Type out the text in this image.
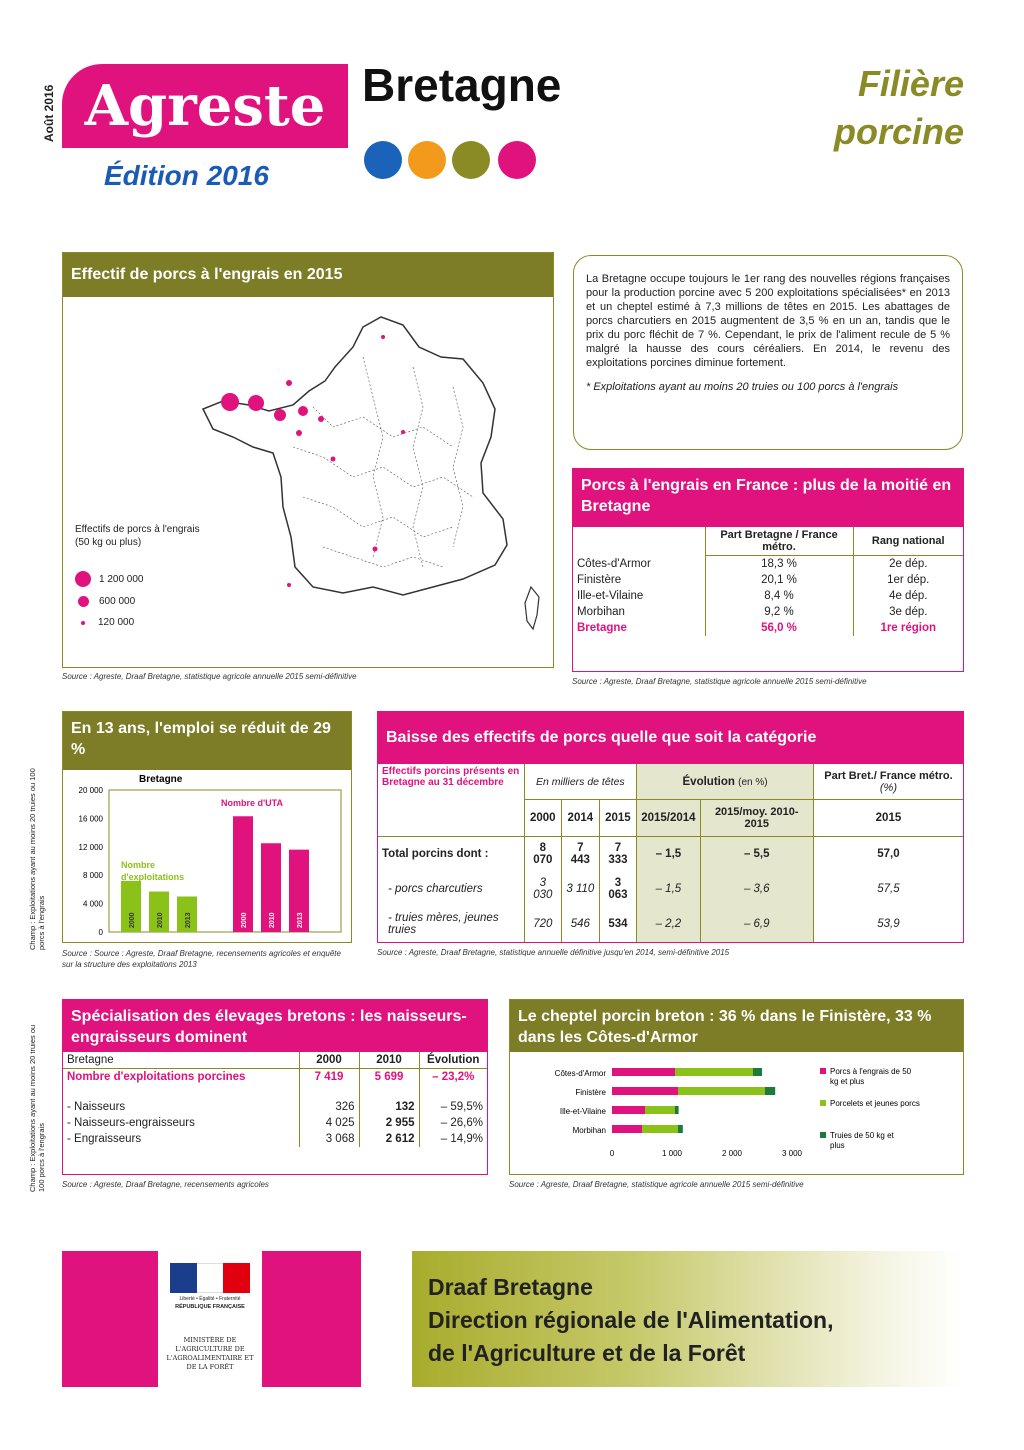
Août 2016 Agreste
Édition 2016
Bretagne	Filière
porcine
Effectif de porcs à l'engrais en 2015
Effectifs de porcs à l'engrais (50 kg ou plus)
1 200 000
600 000
120 000
Source : Agreste, Draaf Bretagne, statistique agricole annuelle 2015 semi-définitive

La Bretagne occupe toujours le 1er rang des nouvelles régions françaises pour la production porcine avec 5 200 exploitations spécialisées* en 2013 et un cheptel estimé à 7,3 millions de têtes en 2015. Les abattages de porcs charcutiers en 2015 augmentent de 3,5 % en un an, tandis que le prix du porc fléchit de 7 %. Cependant, le prix de l'aliment recule de 5 % malgré la hausse des cours céréaliers. En 2014, le revenu des exploitations porcines diminue fortement.

* Exploitations ayant au moins 20 truies ou 100 porcs à l'engrais

Porcs à l'engrais en France : plus de la moitié en Bretagne
	Part Bretagne / France métro.	Rang national
Côtes-d'Armor	18,3 %	2e dép.
Finistère	20,1 %	1er dép.
Ille-et-Vilaine	8,4 %	4e dép.
Morbihan	9,2 %	3e dép.
Bretagne	56,0 %	1re région
Source : Agreste, Draaf Bretagne, statistique agricole annuelle 2015 semi-définitive
Champ : Exploitations ayant au moins 20 truies ou 100 porcs à l'engrais
En 13 ans, l'emploi se réduit de 29 %
Bretagne
20 000
16 000
12 000
8 000
4 000
0
2000	2010	2013	2000	2010	2013
Nombre
d'exploitations
Nombre d'UTA
Source : Source : Agreste, Draaf Bretagne, recensements agricoles et enquête sur la structure des exploitations 2013
Baisse des effectifs de porcs quelle que soit la catégorie
Effectifs porcins présents en Bretagne au 31 décembre	En milliers de têtes			Évolution (en %)		Part Bret./ France métro. (%)
	2000	2014	2015	2015/2014	2015/moy. 2010-2015	2015
Total porcins dont :	8 070	7 443	7 333	– 1,5	– 5,5	57,0
- porcs charcutiers	3 030	3 110	3 063	– 1,5	– 3,6	57,5
- truies mères, jeunes truies	720	546	534	– 2,2	– 6,9	53,9
Source : Agreste, Draaf Bretagne, statistique annuelle définitive jusqu'en 2014, semi-définitive 2015
Champ : Exploitations ayant au moins 20 truies ou 100 porcs à l'engrais
Spécialisation des élevages bretons : les naisseurs-engraisseurs dominent
Bretagne	2000	2010	Évolution
Nombre d'exploitations porcines	7 419	5 699	– 23,2%

- Naisseurs	326	132	– 59,5%
- Naisseurs-engraisseurs	4 025	2 955	– 26,6%
- Engraisseurs	3 068	2 612	– 14,9%
Source : Agreste, Draaf Bretagne, recensements agricoles
Le cheptel porcin breton : 36 % dans le Finistère, 33 % dans les Côtes-d'Armor
Côtes-d'Armor
Finistère
Ille-et-Vilaine
Morbihan
0	1 000	2 000	3 000
Porcs à l'engrais de 50
kg et plus
Porcelets et jeunes porcs
Truies de 50 kg et
plus
Source : Agreste, Draaf Bretagne, statistique agricole annuelle 2015 semi-définitive
Liberté • Égalité • Fraternité
RÉPUBLIQUE FRANÇAISE
MINISTÈRE DE L'AGRICULTURE DE L'AGROALIMENTAIRE ET DE LA FORÊT
Draaf Bretagne
Direction régionale de l'Alimentation,
de l'Agriculture et de la Forêt
